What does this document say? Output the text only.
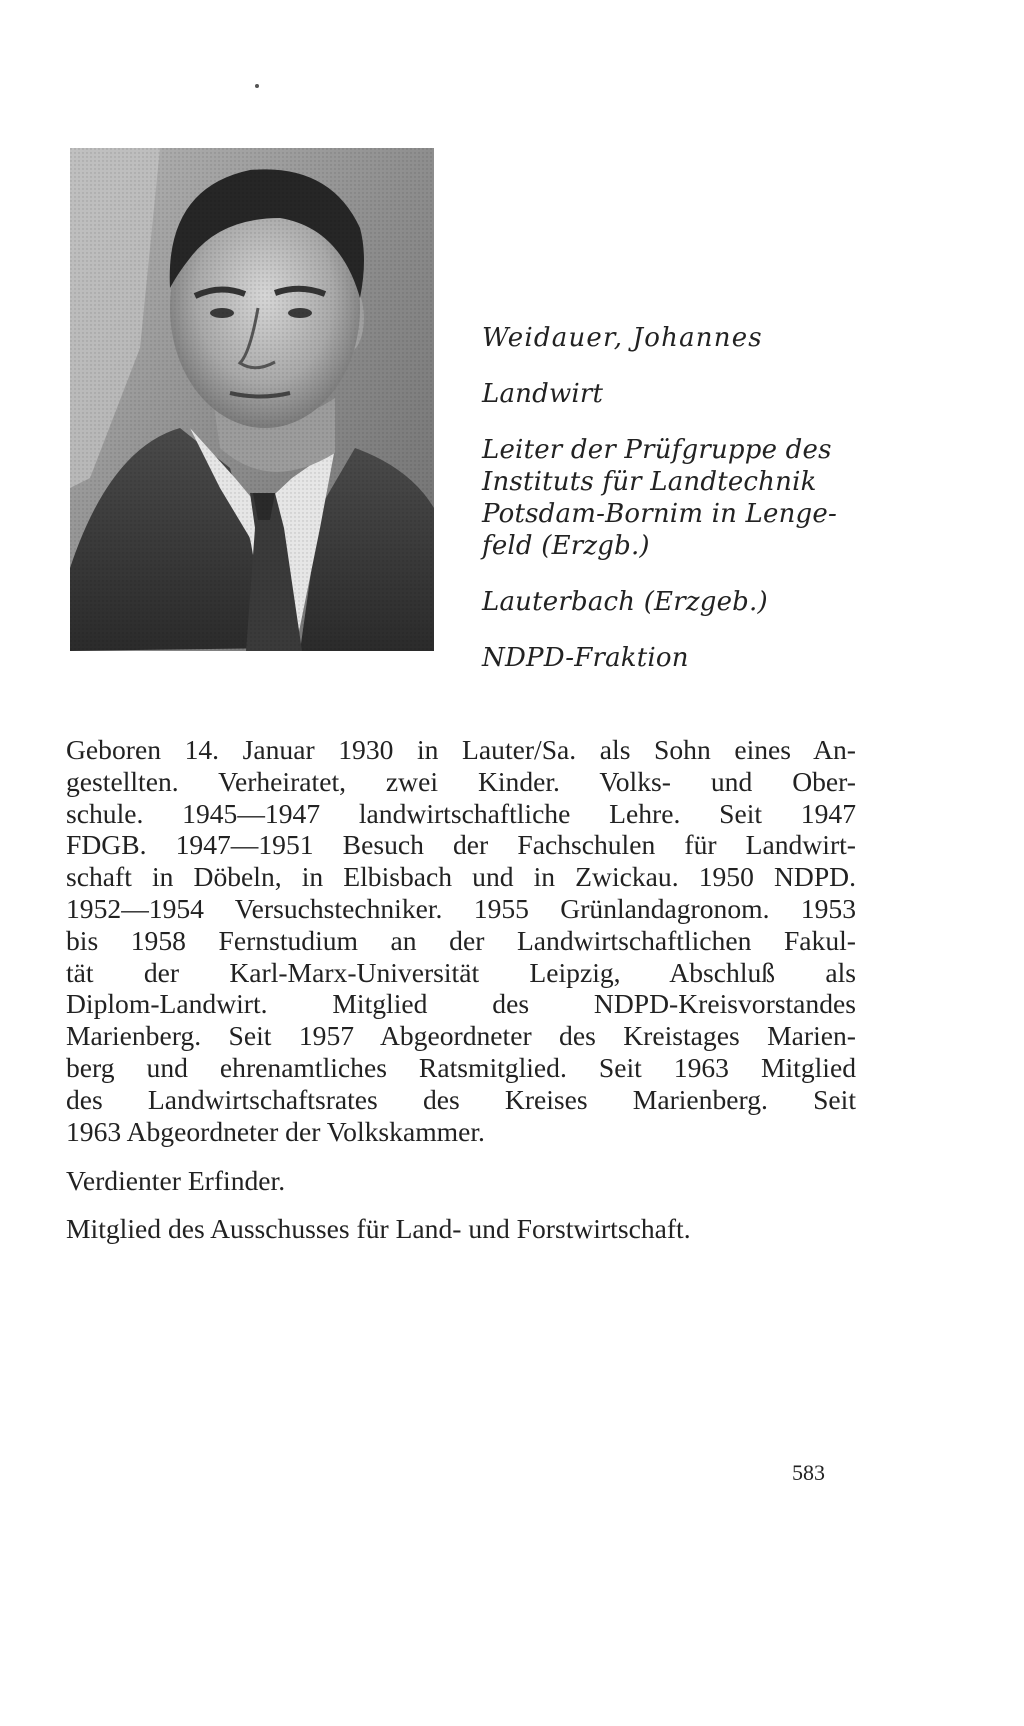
Weidauer, Johannes

Landwirt

Leiter der Prüfgruppe des
Instituts für Landtechnik
Potsdam-Bornim in Lenge-
feld (Erzgb.)

Lauterbach (Erzgeb.)

NDPD-Fraktion

Geboren 14. Januar 1930 in Lauter/Sa. als Sohn eines An-
gestellten. Verheiratet, zwei Kinder. Volks- und Ober-
schule. 1945—1947 landwirtschaftliche Lehre. Seit 1947
FDGB. 1947—1951 Besuch der Fachschulen für Landwirt-
schaft in Döbeln, in Elbisbach und in Zwickau. 1950 NDPD.
1952—1954 Versuchstechniker. 1955 Grünlandagronom. 1953
bis 1958 Fernstudium an der Landwirtschaftlichen Fakul-
tät der Karl-Marx-Universität Leipzig, Abschluß als
Diplom-Landwirt. Mitglied des NDPD-Kreisvorstandes
Marienberg. Seit 1957 Abgeordneter des Kreistages Marien-
berg und ehrenamtliches Ratsmitglied. Seit 1963 Mitglied
des Landwirtschaftsrates des Kreises Marienberg. Seit
1963 Abgeordneter der Volkskammer.

Verdienter Erfinder.

Mitglied des Ausschusses für Land- und Forstwirtschaft.

583
